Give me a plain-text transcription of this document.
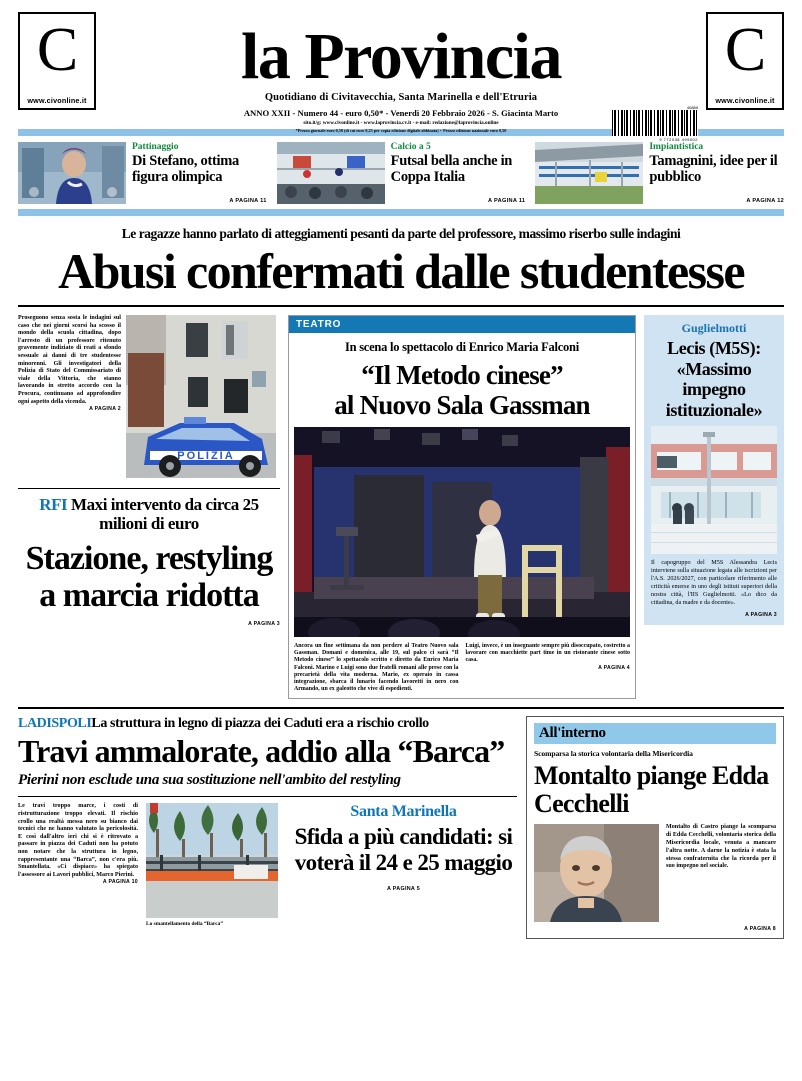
C
www.civonline.it
la Provincia
Quotidiano di Civitavecchia, Santa Marinella e dell'Etruria
ANNO XXII - Numero 44 - euro 0,50* - Venerdì 20 Febbraio 2026 - S. Giacinta Marto
sito.it/g: www.civonline.it - www.laprovincia.cv.it - e-mail: redazione@laprovincia.online
*Prezzo giornale euro 0,50 (di cui euro 0,25 per copia edizione digitale abbinata) + Prezzo edizione nazionale euro 0,50
C
www.civonline.it
40889
9 772038 499002
Pattinaggio
Di Stefano, ottima figura olimpica
A PAGINA 11
Calcio a 5
Futsal bella anche in Coppa Italia
A PAGINA 11
Impiantistica
Tamagnini, idee per il pubblico
A PAGINA 12
Le ragazze hanno parlato di atteggiamenti pesanti da parte del professore, massimo riserbo sulle indagini
Abusi confermati dalle studentesse
Proseguono senza sosta le indagini sul caso che nei giorni scorsi ha scosso il mondo della scuola cittadina, dopo l'arresto di un professore ritenuto gravemente indiziato di reati a sfondo sessuale ai danni di tre studentesse minorenni. Gli investigatori della Polizia di Stato del Commissariato di viale della Vittoria, che stanno lavorando in stretto accordo con la Procura, continuano ad approfondire ogni aspetto della vicenda.
A PAGINA 2
POLIZIA
RFI Maxi intervento da circa 25 milioni di euro
Stazione, restyling a marcia ridotta
A PAGINA 3
TEATRO
In scena lo spettacolo di Enrico Maria Falconi
“Il Metodo cinese”
al Nuovo Sala Gassman
Ancora un fine settimana da non perdere al Teatro Nuovo sala Gassman. Domani e domenica, alle 19, sul palco ci sarà “Il Metodo cinese” lo spettacolo scritto e diretto da Enrico Maria Falconi. Marino e Luigi sono due fratelli romani alle prese con la precarietà della vita moderna. Mario, ex operaio in cassa integrazione, sbarca il lunario facendo lavoretti in nero con Armando, un ex galeotto che vive di espedienti.
Luigi, invece, è un insegnante sempre più disoccupato, costretto a lavorare con macchiette part time in un ristorante cinese sotto casa.
A PAGINA 4
Guglielmotti
Lecis (M5S): «Massimo impegno istituzionale»
Il capogruppo del M5S Alessandra Lecis interviene sulla situazione legata alle iscrizioni per l'A.S. 2026/2027, con particolare riferimento alle criticità emerse in uno degli istituti superiori della nostra città, l'IIS Guglielmotti. «Lo dico da cittadina, da madre e da docente».
A PAGINA 3
LADISPOLILa struttura in legno di piazza dei Caduti era a rischio crollo
Travi ammalorate, addio alla “Barca”
Pierini non esclude una sua sostituzione nell'ambito del restyling
Le travi troppo marce, i costi di ristrutturazione troppo elevati. Il rischio crollo una realtà messa nero su bianco dai tecnici che ne hanno valutato la pericolosità. E così dall'altro ieri chi si è ritrovato a passare in piazza dei Caduti non ha potuto non notare che la struttura in legno, rappresentante una “Barca”, non c'era più. Smantellata. «Ci dispiace» ha spiegato l'assessore ai Lavori pubblici, Marco Pierini.
A PAGINA 10
Lo smantellamento della “Barca”
Santa Marinella
Sfida a più candidati: si voterà il 24 e 25 maggio
A PAGINA 5
All'interno
Scomparsa la storica volontaria della Misericordia
Montalto piange Edda Cecchelli
Montalto di Castro piange la scomparsa di Edda Cecchelli, volontaria storica della Misericordia locale, venuta a mancare l'altra notte. A darne la notizia è stata la stessa confraternita che la ricorda per il suo impegno nel sociale.
A PAGINA 8
